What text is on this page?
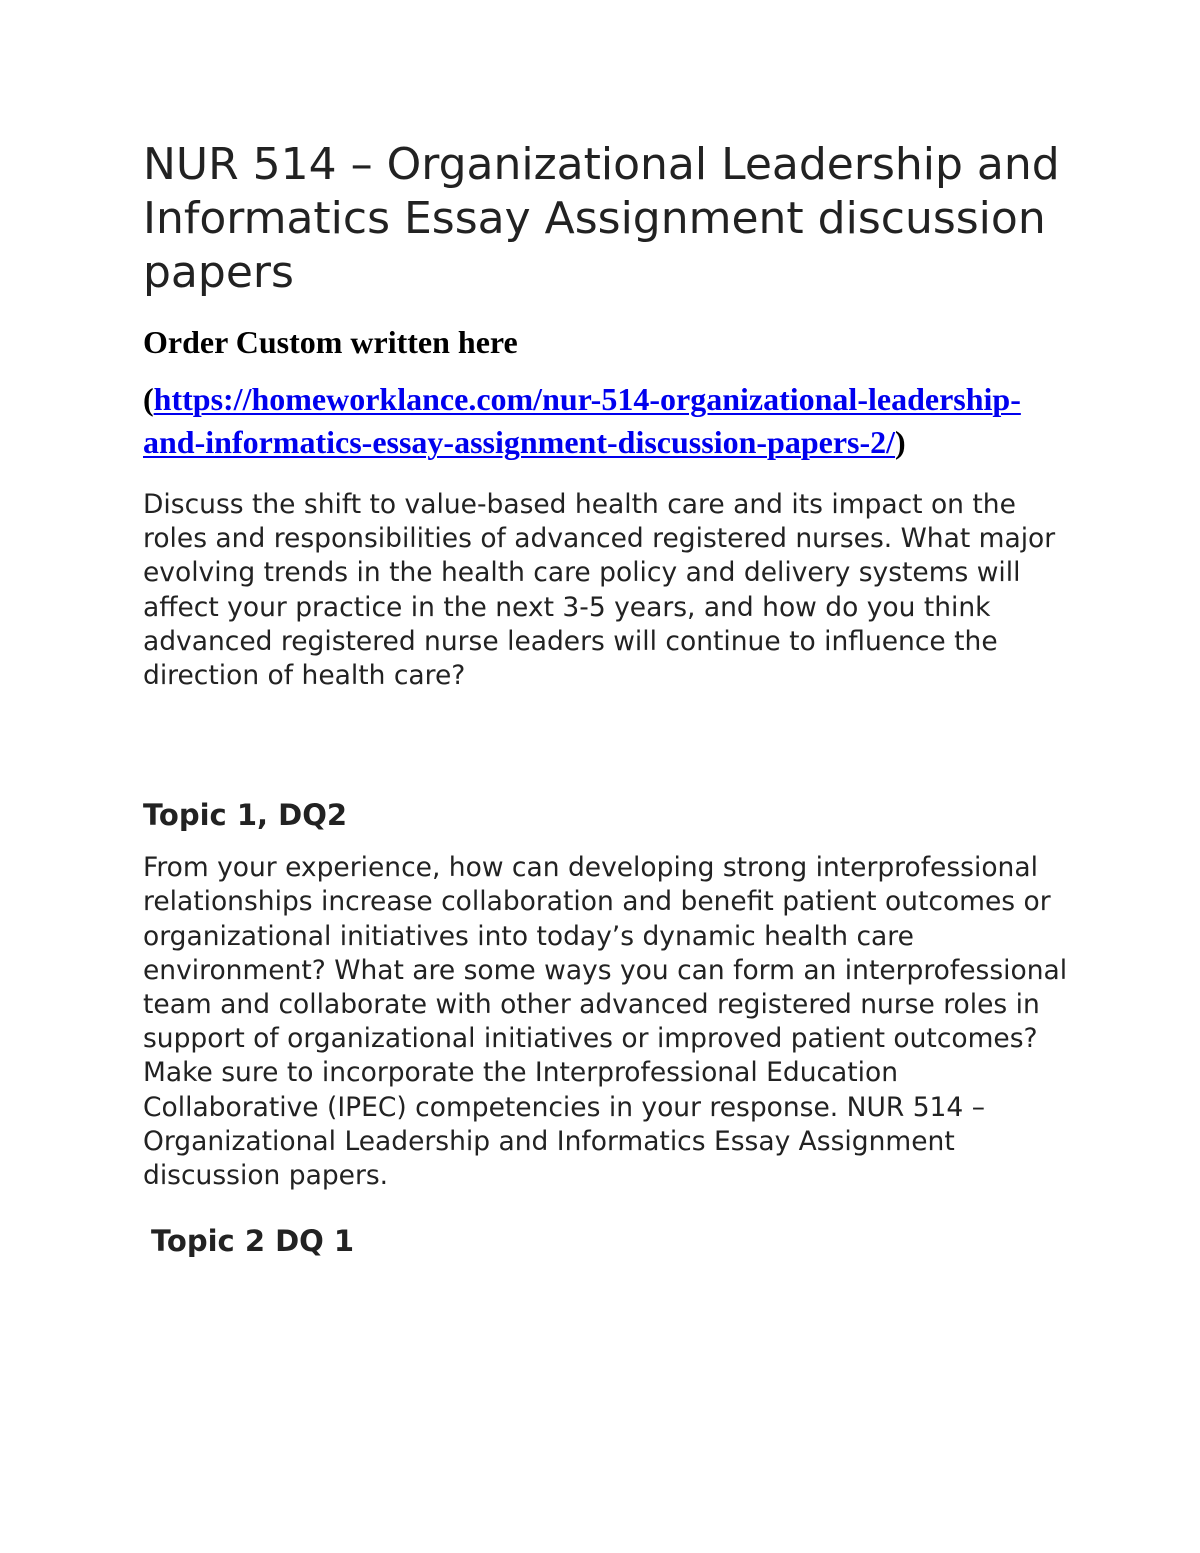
NUR 514 – Organizational Leadership and Informatics Essay Assignment discussion papers

Order Custom written here

(https://homeworklance.com/nur-514-organizational-leadership-and-informatics-essay-assignment-discussion-papers-2/)

Discuss the shift to value-based health care and its impact on the roles and responsibilities of advanced registered nurses. What major evolving trends in the health care policy and delivery systems will affect your practice in the next 3-5 years, and how do you think advanced registered nurse leaders will continue to influence the direction of health care?

Topic 1, DQ2

From your experience, how can developing strong interprofessional relationships increase collaboration and benefit patient outcomes or organizational initiatives into today’s dynamic health care environment? What are some ways you can form an interprofessional team and collaborate with other advanced registered nurse roles in support of organizational initiatives or improved patient outcomes? Make sure to incorporate the Interprofessional Education Collaborative (IPEC) competencies in your response. NUR 514 – Organizational Leadership and Informatics Essay Assignment discussion papers.

Topic 2 DQ 1
